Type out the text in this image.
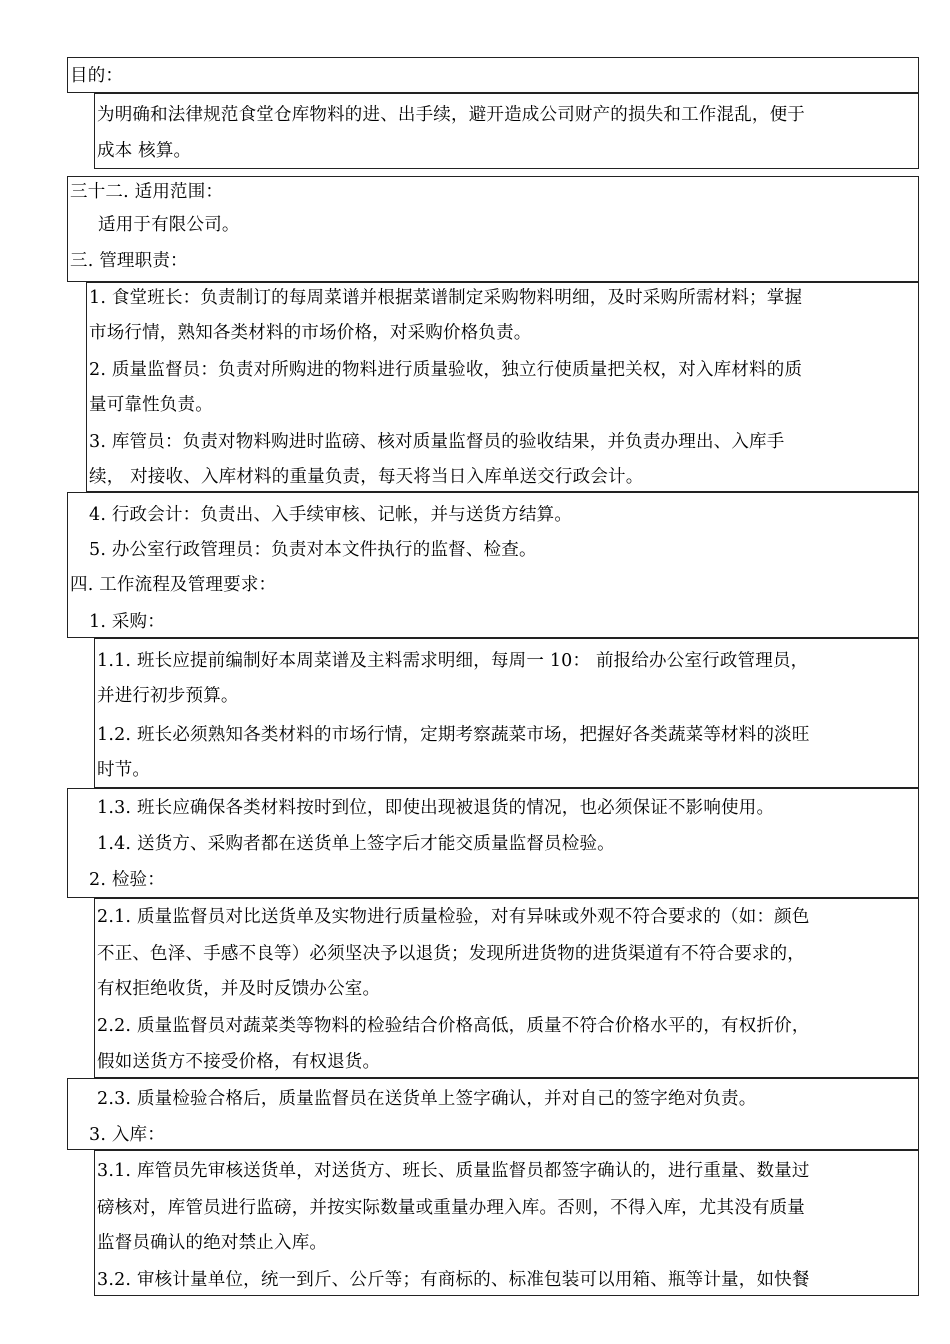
目的：
为明确和法律规范食堂仓库物料的进、出手续，避开造成公司财产的损失和工作混乱，便于
成本 核算。
三十二. 适用范围：
适用于有限公司。
三. 管理职责：
1. 食堂班长：负责制订的每周菜谱并根据菜谱制定采购物料明细，及时采购所需材料；掌握
市场行情，熟知各类材料的市场价格，对采购价格负责。
2. 质量监督员：负责对所购进的物料进行质量验收，独立行使质量把关权，对入库材料的质
量可靠性负责。
3. 库管员：负责对物料购进时监磅、核对质量监督员的验收结果，并负责办理出、入库手
续， 对接收、入库材料的重量负责，每天将当日入库单送交行政会计。
4. 行政会计：负责出、入手续审核、记帐，并与送货方结算。
5. 办公室行政管理员：负责对本文件执行的监督、检查。
四. 工作流程及管理要求：
1. 采购：
1.1. 班长应提前编制好本周菜谱及主料需求明细，每周一 10： 前报给办公室行政管理员，
并进行初步预算。
1.2. 班长必须熟知各类材料的市场行情，定期考察蔬菜市场，把握好各类蔬菜等材料的淡旺
时节。
1.3. 班长应确保各类材料按时到位，即使出现被退货的情况，也必须保证不影响使用。
1.4. 送货方、采购者都在送货单上签字后才能交质量监督员检验。
2. 检验：
2.1. 质量监督员对比送货单及实物进行质量检验，对有异味或外观不符合要求的（如：颜色
不正、色泽、手感不良等）必须坚决予以退货；发现所进货物的进货渠道有不符合要求的，
有权拒绝收货，并及时反馈办公室。
2.2. 质量监督员对蔬菜类等物料的检验结合价格高低，质量不符合价格水平的，有权折价，
假如送货方不接受价格，有权退货。
2.3. 质量检验合格后，质量监督员在送货单上签字确认，并对自己的签字绝对负责。
3. 入库：
3.1. 库管员先审核送货单，对送货方、班长、质量监督员都签字确认的，进行重量、数量过
磅核对，库管员进行监磅，并按实际数量或重量办理入库。否则，不得入库，尤其没有质量
监督员确认的绝对禁止入库。
3.2. 审核计量单位，统一到斤、公斤等；有商标的、标准包装可以用箱、瓶等计量，如快餐
